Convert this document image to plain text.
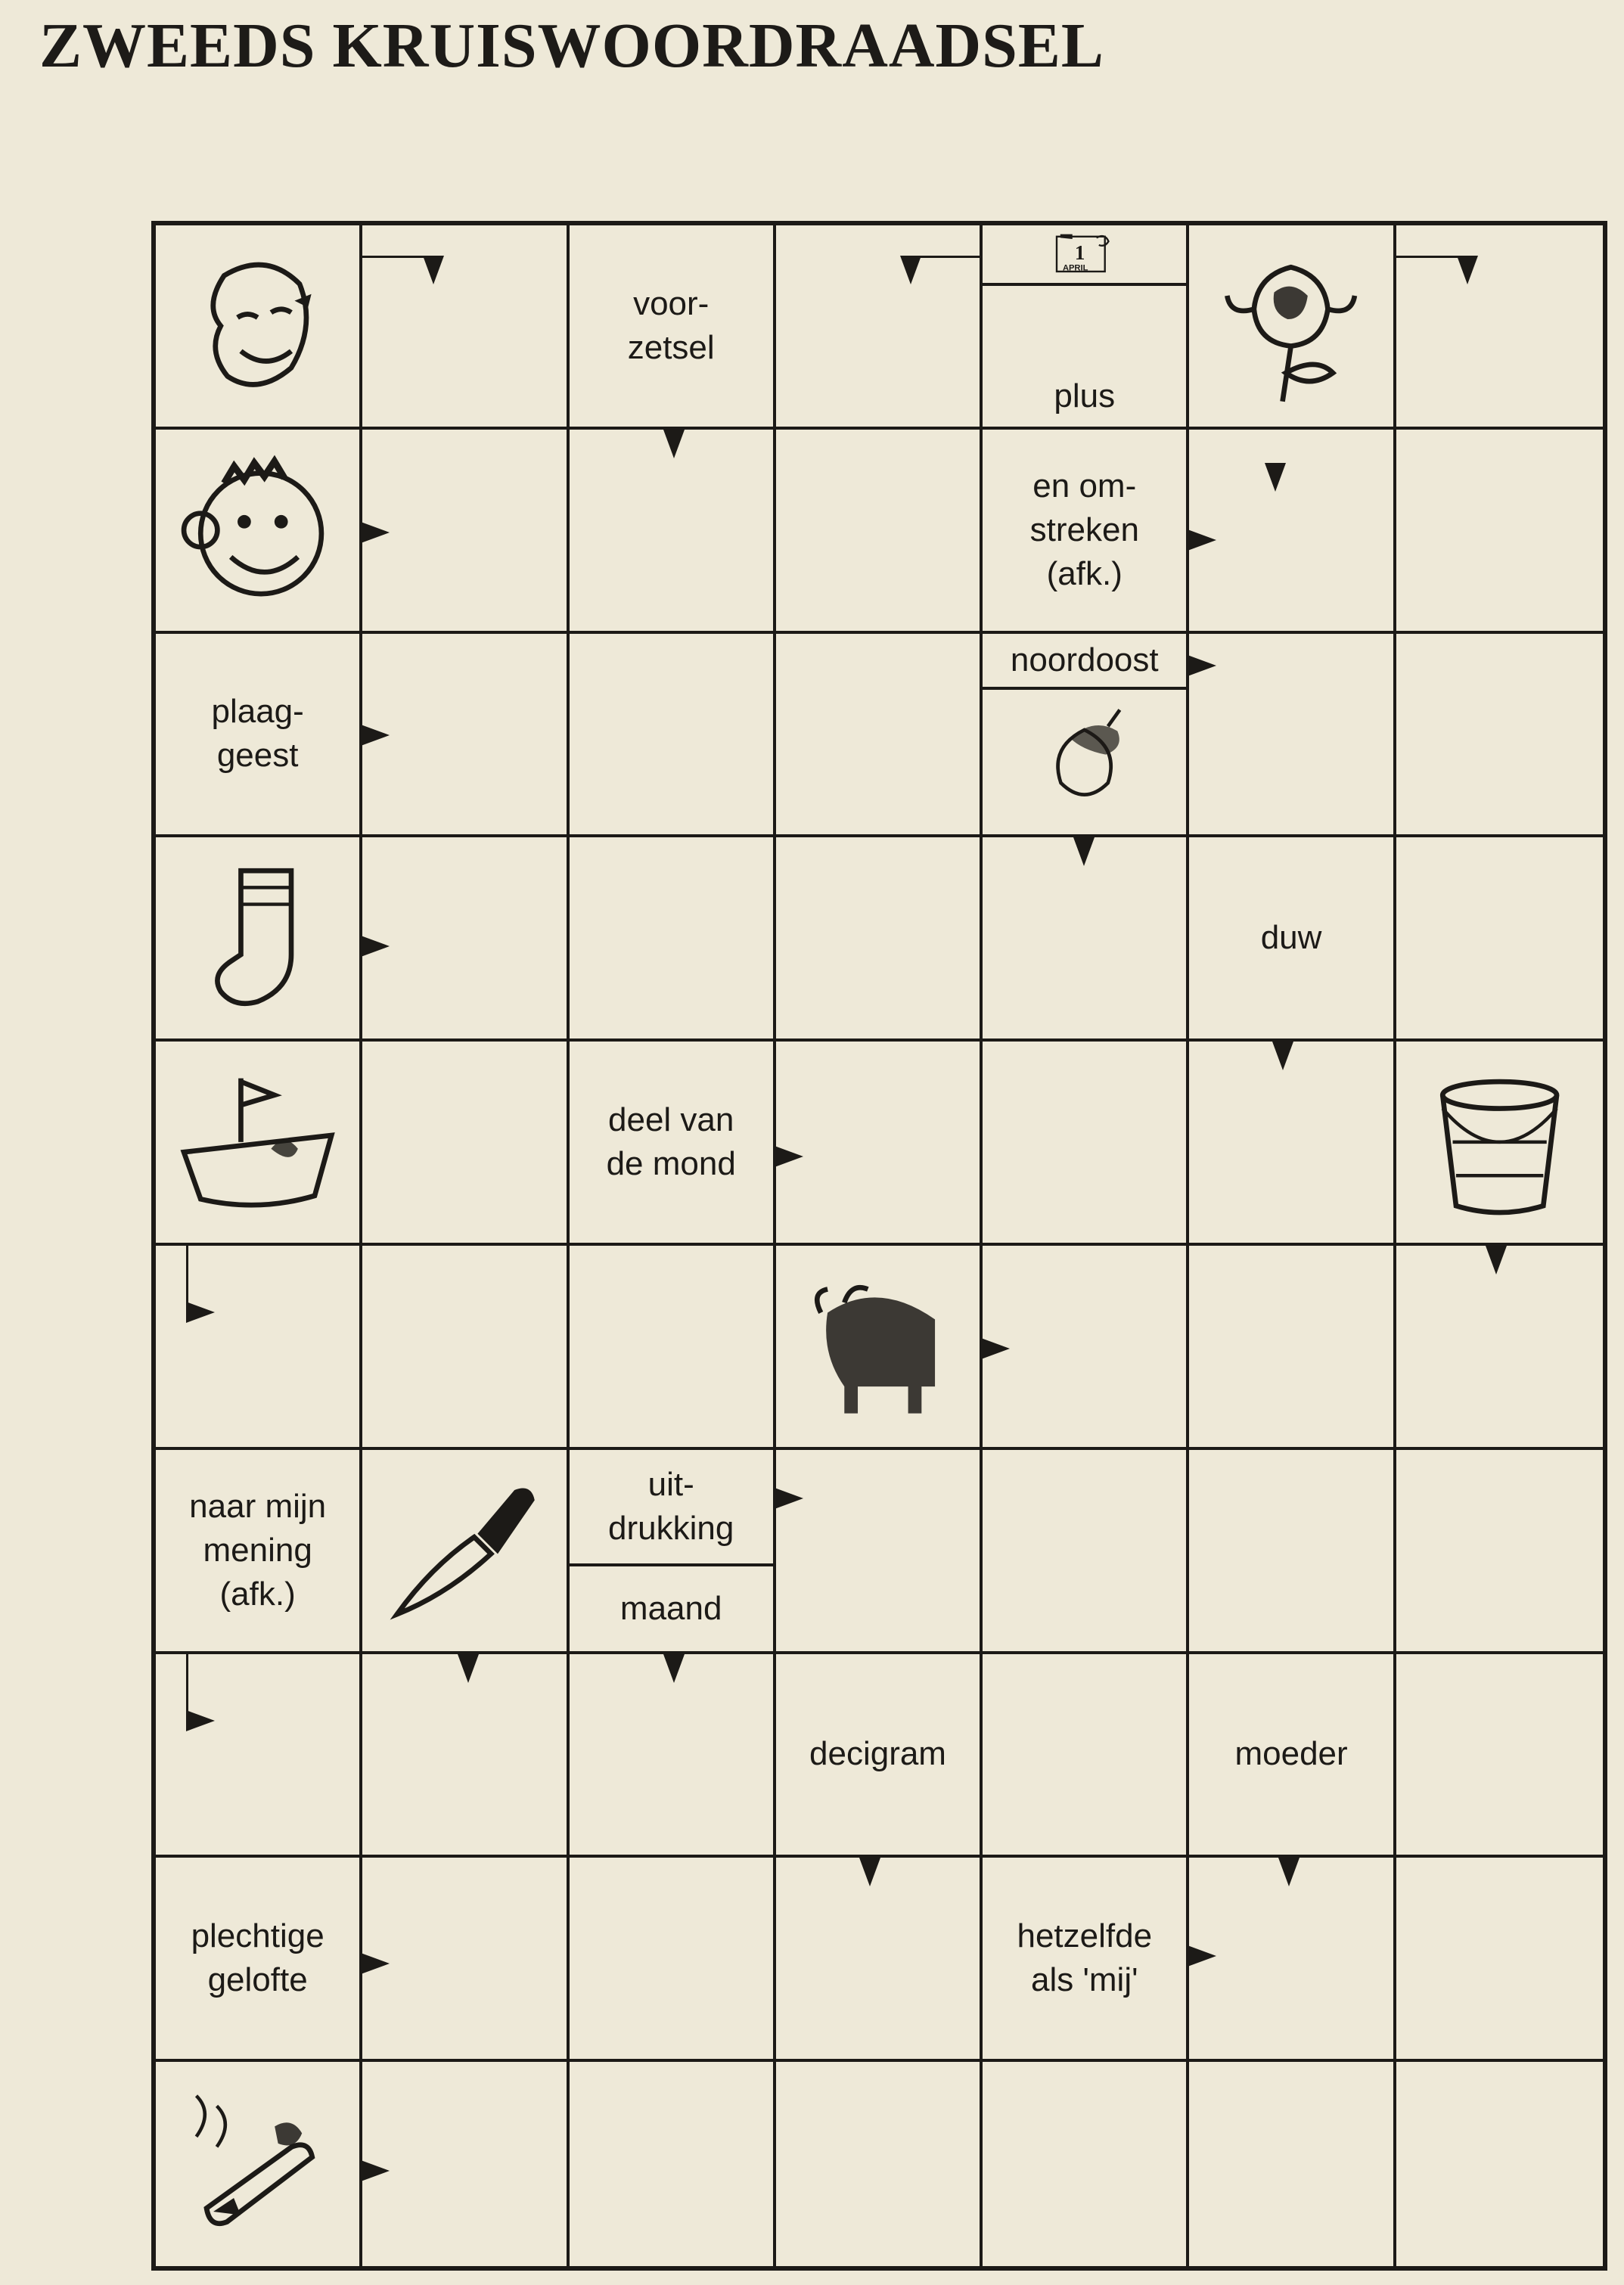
ZWEEDS KRUISWOORDRAADSEL
voor-
zetsel
1
APRIL
plus
en om-
streken
(afk.)
plaag-
geest
noordoost
duw
deel van
de mond
naar mijn
mening
(afk.)
uit-
drukking
maand
decigram	moeder
plechtige
gelofte
hetzelfde
als 'mij'
